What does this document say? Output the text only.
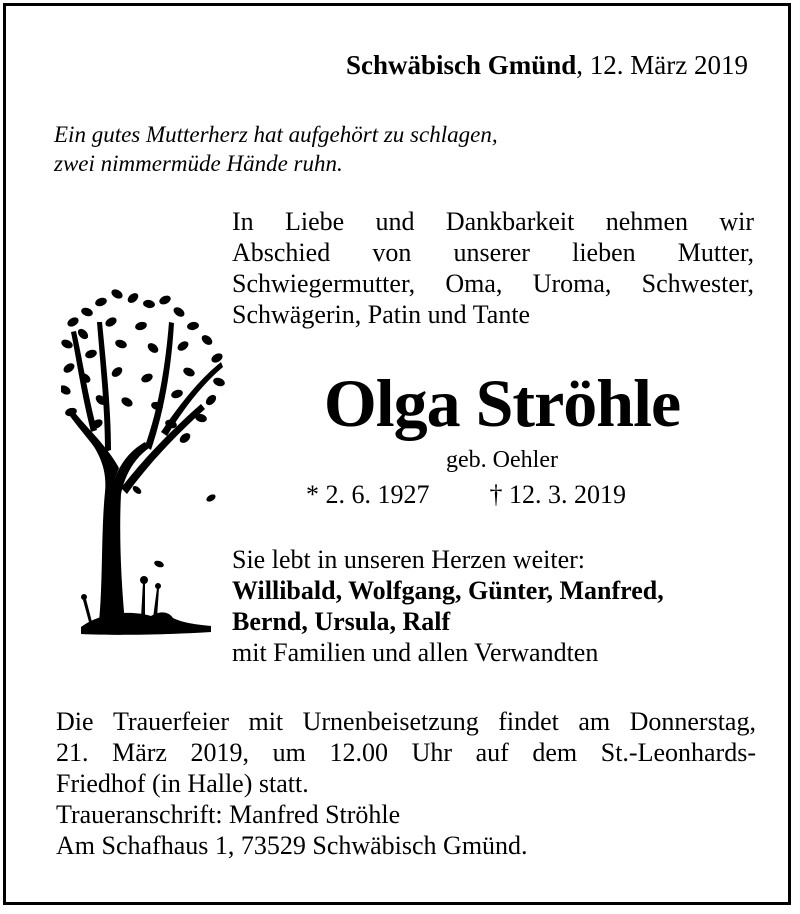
Schwäbisch Gmünd, 12. März 2019
Ein gutes Mutterherz hat aufgehört zu schlagen,
zwei nimmermüde Hände ruhn.
In Liebe und Dankbarkeit nehmen wir
Abschied von unserer lieben Mutter,
Schwiegermutter, Oma, Uroma, Schwester,
Schwägerin, Patin und Tante
Olga Ströhle
geb. Oehler
* 2. 6. 1927 † 12. 3. 2019
Sie lebt in unseren Herzen weiter:
Willibald, Wolfgang, Günter, Manfred,
Bernd, Ursula, Ralf
mit Familien und allen Verwandten
Die Trauerfeier mit Urnenbeisetzung findet am Donnerstag,
21. März 2019, um 12.00 Uhr auf dem St.-Leonhards-
Friedhof (in Halle) statt.
Traueranschrift: Manfred Ströhle
Am Schafhaus 1, 73529 Schwäbisch Gmünd.
